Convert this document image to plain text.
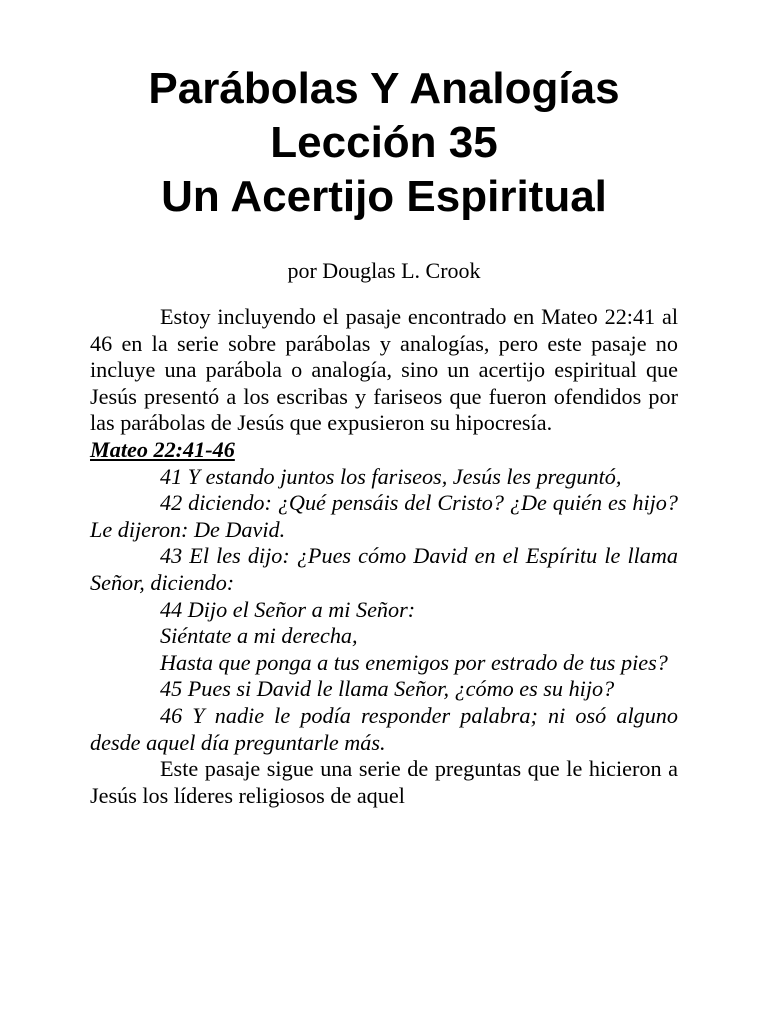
Parábolas Y Analogías
Lección 35
Un Acertijo Espiritual

por Douglas L. Crook

Estoy incluyendo el pasaje encontrado en Mateo 22:41 al 46 en la serie sobre parábolas y analogías, pero este pasaje no incluye una parábola o analogía, sino un acertijo espiritual que Jesús presentó a los escribas y fariseos que fueron ofendidos por las parábolas de Jesús que expusieron su hipocresía.

Mateo 22:41-46

41 Y estando juntos los fariseos, Jesús les preguntó,

42 diciendo: ¿Qué pensáis del Cristo? ¿De quién es hijo? Le dijeron: De David.

43 El les dijo: ¿Pues cómo David en el Espíritu le llama Señor, diciendo:

44 Dijo el Señor a mi Señor:

Siéntate a mi derecha,

Hasta que ponga a tus enemigos por estrado de tus pies?

45 Pues si David le llama Señor, ¿cómo es su hijo?

46 Y nadie le podía responder palabra; ni osó alguno desde aquel día preguntarle más.

Este pasaje sigue una serie de preguntas que le hicieron a Jesús los líderes religiosos de aquel
